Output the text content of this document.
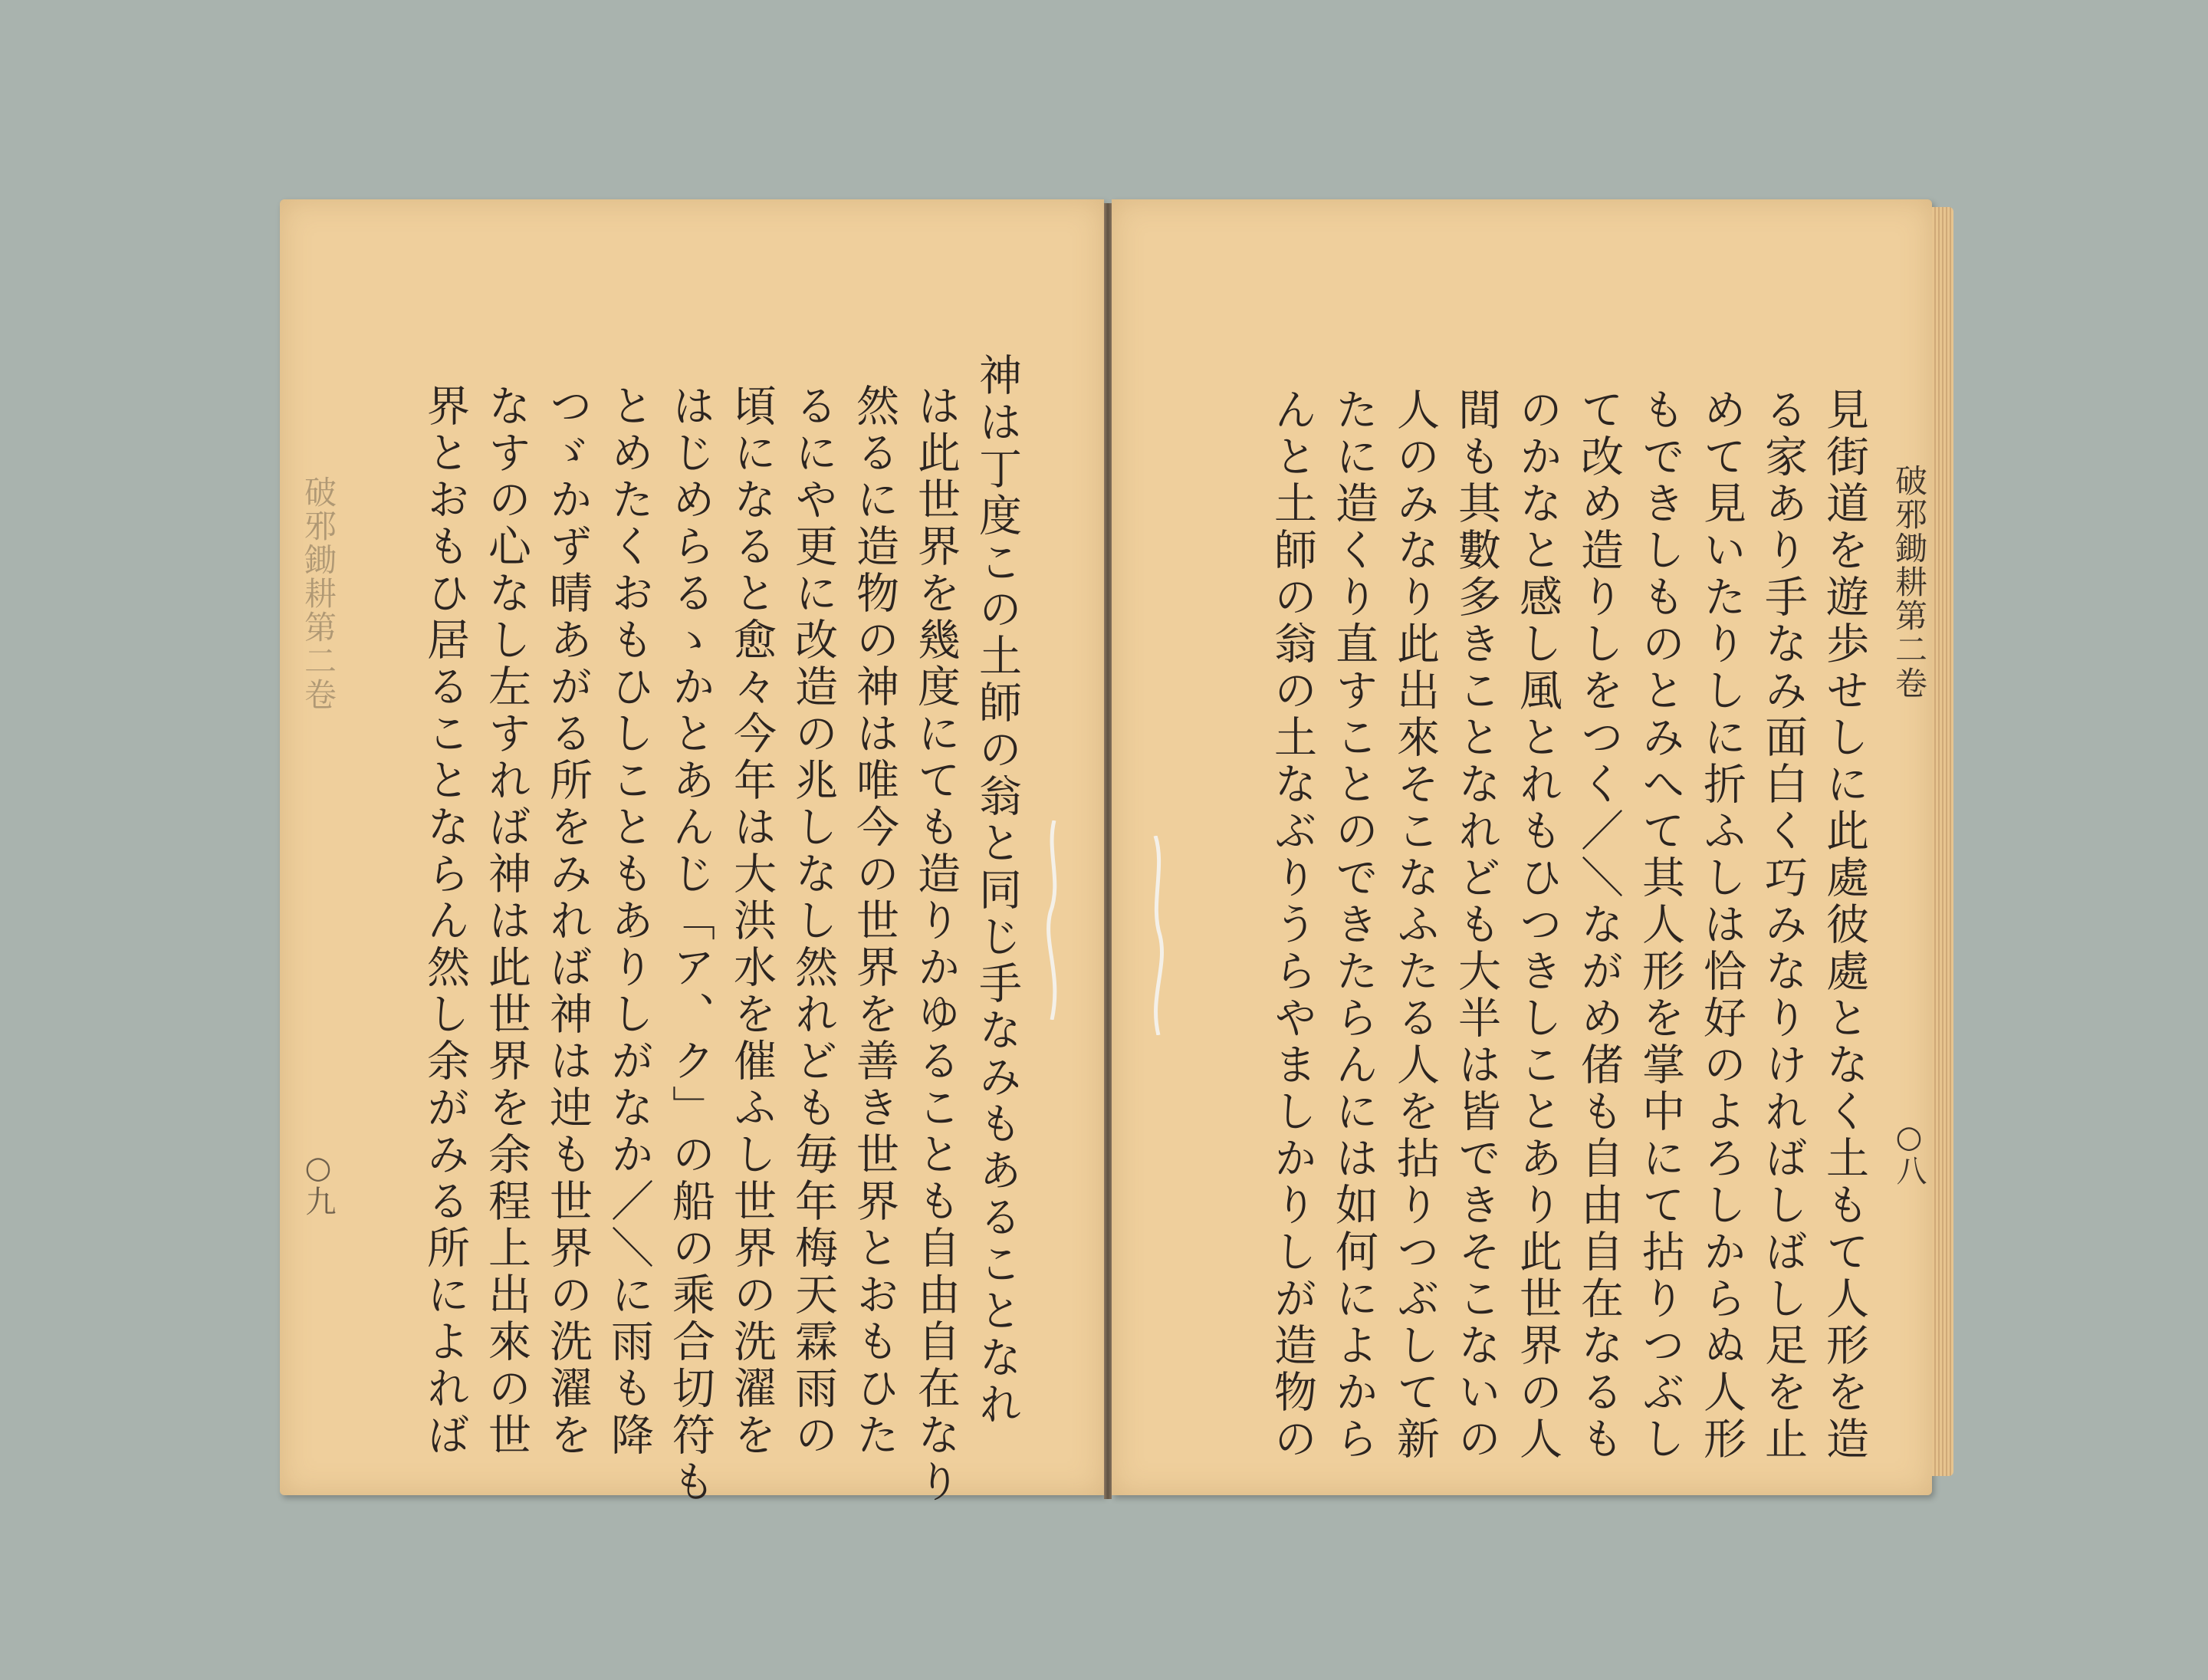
破邪鋤耕第二卷
○九	神は丁度この土師の翁と同じ手なみもあることなれ
は此世界を幾度にても造りかゆることも自由自在なり
然るに造物の神は唯今の世界を善き世界とおもひた
るにや更に改造の兆しなし然れども毎年梅天霖雨の
頃になると愈々今年は大洪水を催ふし世界の洗濯を
はじめらるゝかとあんじ「ア、ク」の船の乘合切符も
とめたくおもひしこともありしがなか／＼に雨も降
つゞかず晴あがる所をみれば神は迚も世界の洗濯を
なすの心なし左すれば神は此世界を余程上出來の世
界とおもひ居ることならん然し余がみる所によれば	破邪鋤耕第二卷
○八
見街道を遊歩せしに此處彼處となく土もて人形を造
る家あり手なみ面白く巧みなりければしばし足を止
めて見いたりしに折ふしは恰好のよろしからぬ人形
もできしものとみへて其人形を掌中にて拈りつぶし
て改め造りしをつく／＼ながめ偖も自由自在なるも
のかなと感し風とれもひつきしことあり此世界の人
間も其數多きことなれども大半は皆できそこないの
人のみなり此出來そこなふたる人を拈りつぶして新
たに造くり直すことのできたらんには如何によから
んと土師の翁の土なぶりうらやましかりしが造物の
